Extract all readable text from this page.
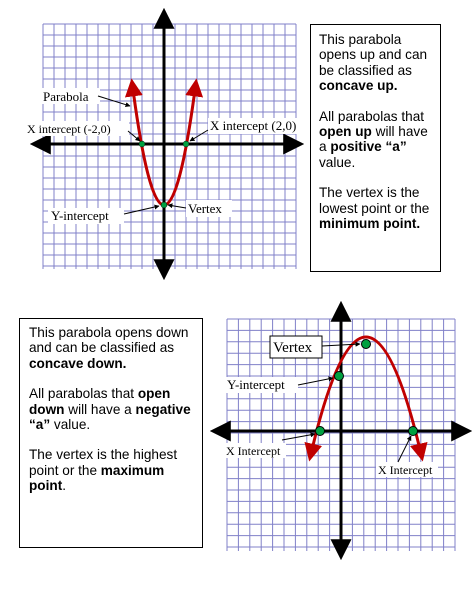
Parabola
X intercept (-2,0)	X intercept (2,0)
Vertex
Y-intercept
Vertex
Y-intercept
X Intercept
X Intercept

This parabola opens up and can be classified as concave up.

All parabolas that open up will have a positive “a” value.

The vertex is the lowest point or the minimum point.

This parabola opens down and can be classified as concave down.

All parabolas that open down will have a negative “a” value.

The vertex is the highest point or the maximum point.
